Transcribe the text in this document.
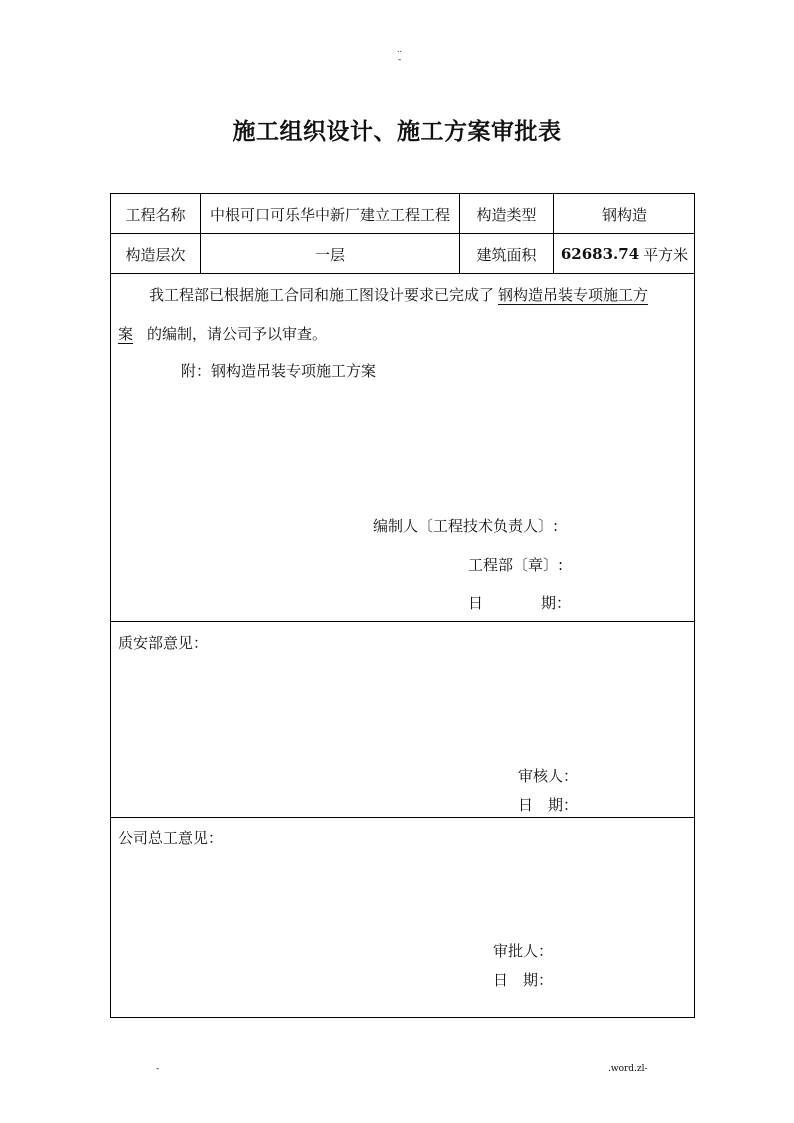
..
-
施工组织设计、施工方案审批表
工程名称	中根可口可乐华中新厂建立工程工程	构造类型	钢构造
构造层次	一层	建筑面积	62683.74 平方米
我工程部已根据施工合同和施工图设计要求已完成了 钢构造吊装专项施工方
案 的编制，请公司予以审查。
附：钢构造吊装专项施工方案
编制人〔工程技术负责人〕:
工程部〔章〕:
日	期：
质安部意见：
审核人：
日　期：
公司总工意见：
审批人：
日　期：
-	.word.zl-
